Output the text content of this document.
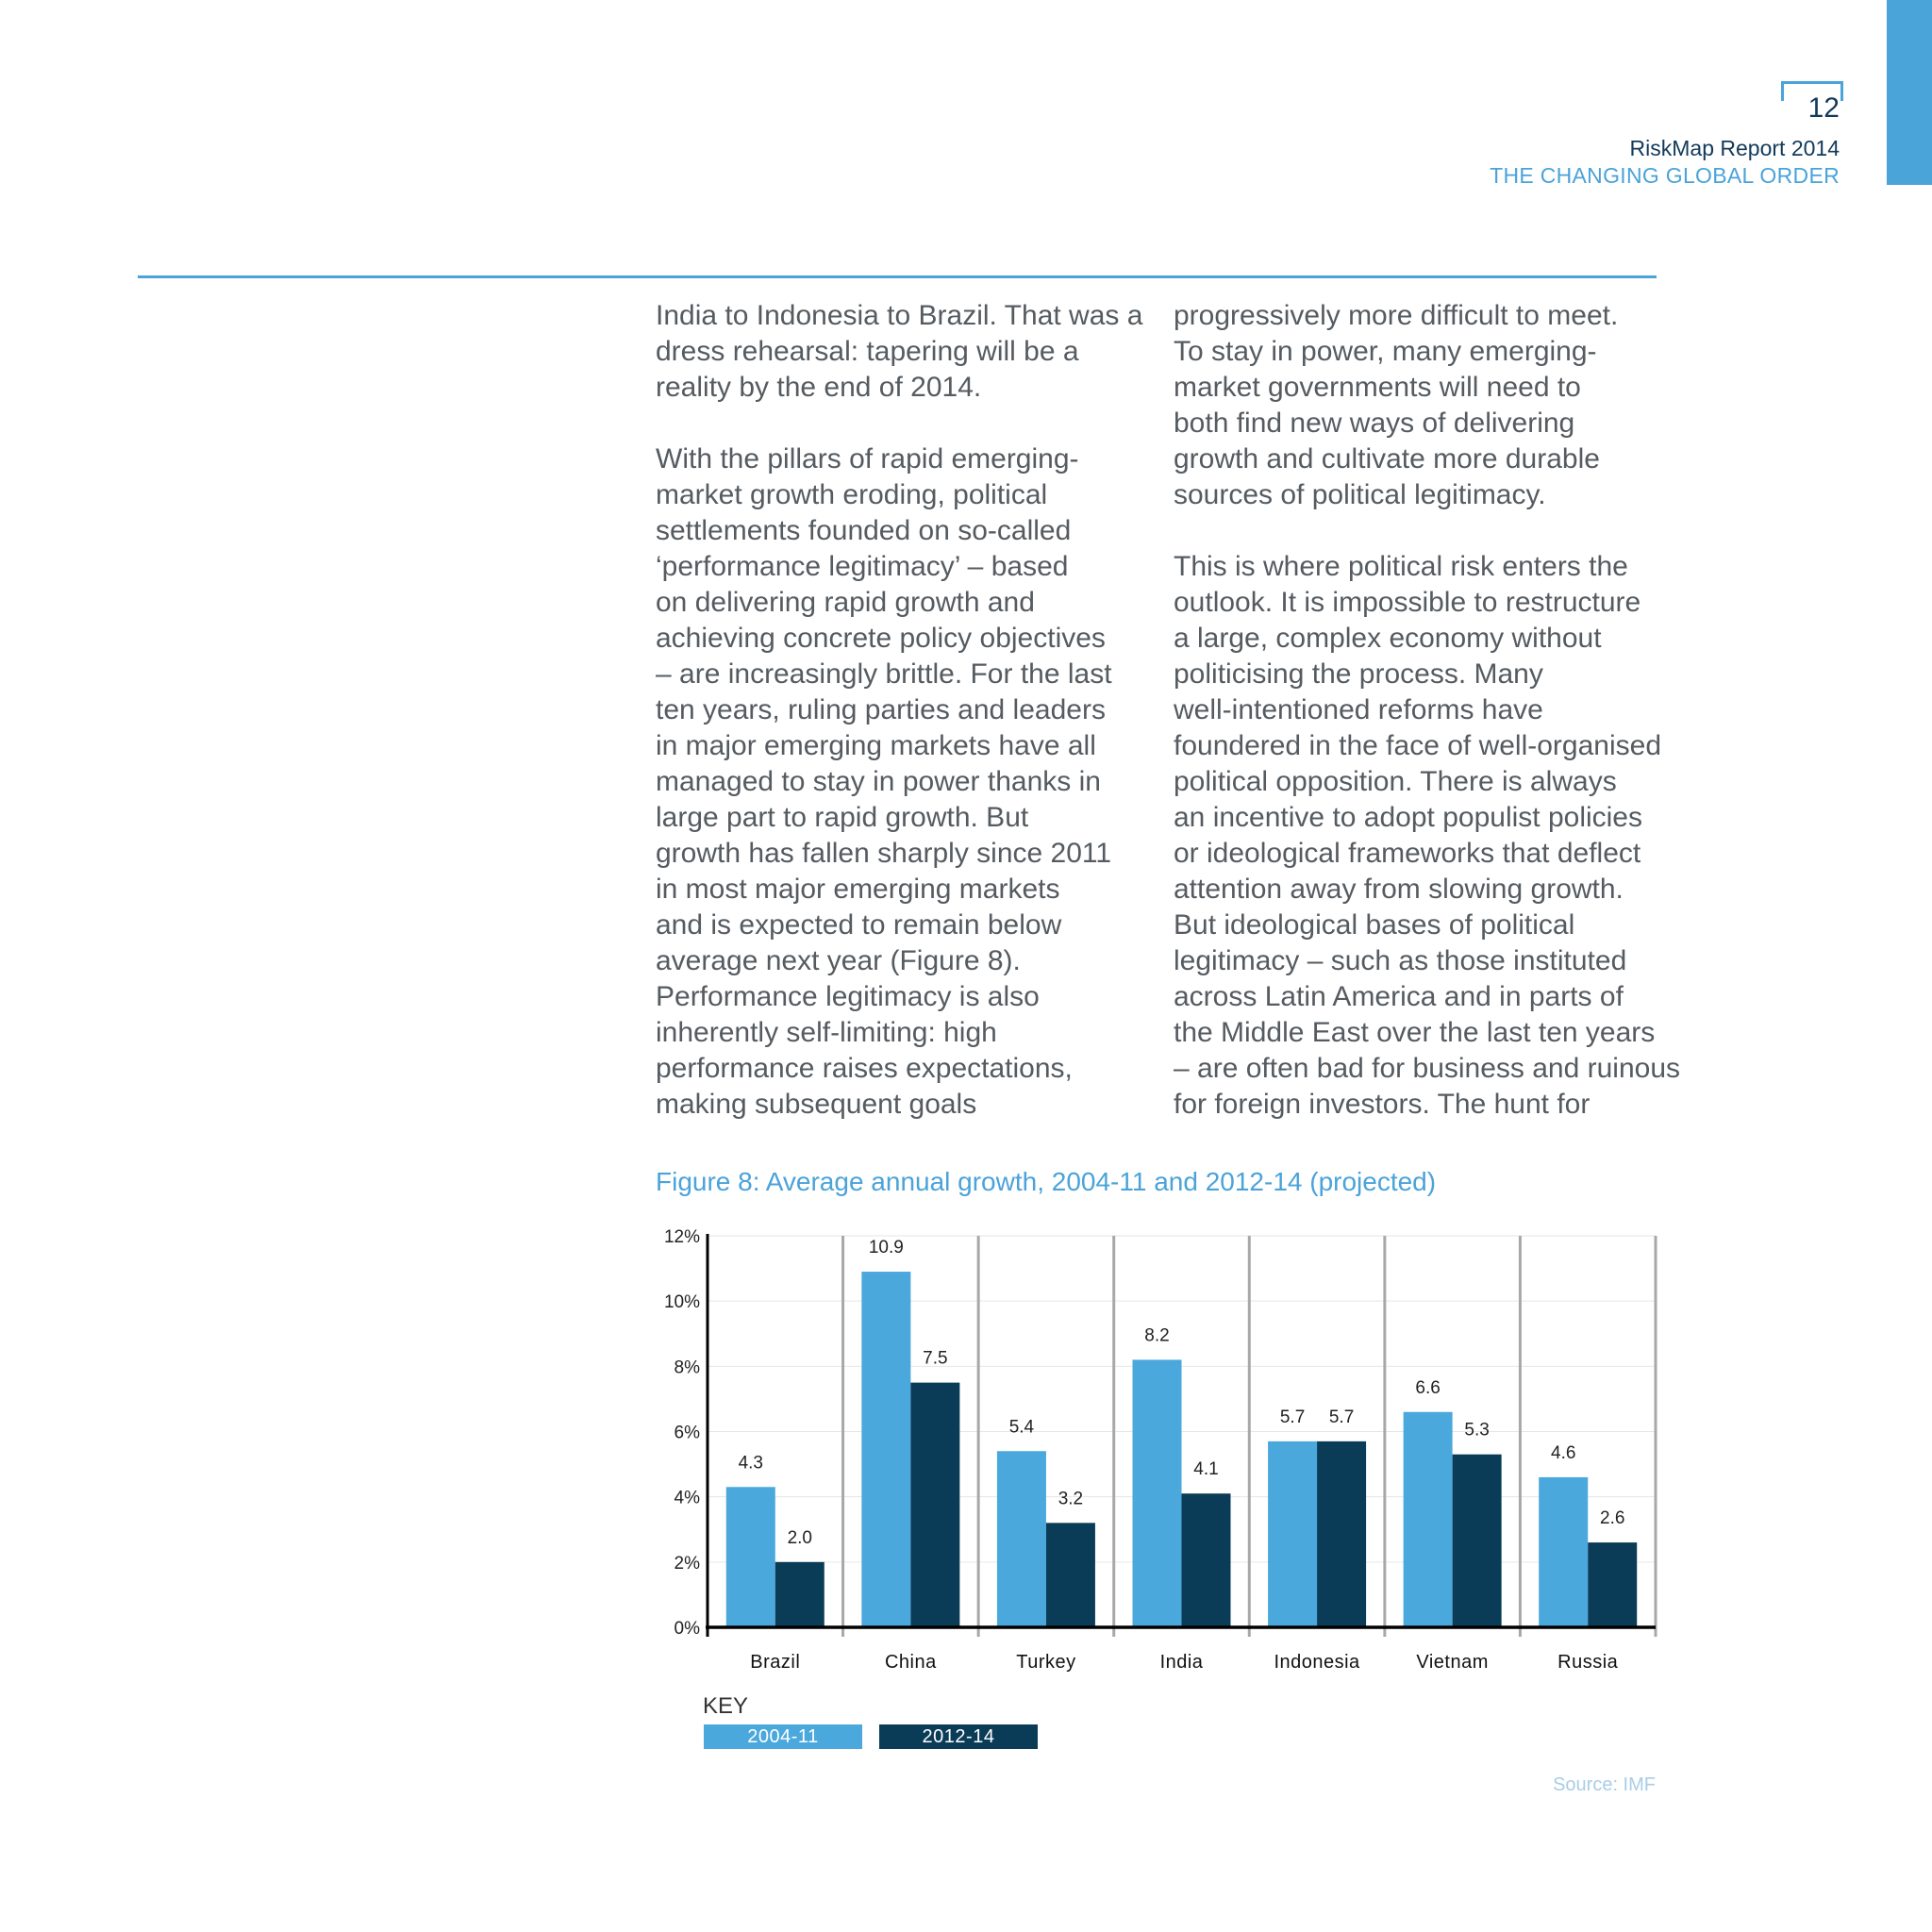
12
RiskMap Report 2014
THE CHANGING GLOBAL ORDER

India to Indonesia to Brazil. That was a
dress rehearsal: tapering will be a
reality by the end of 2014.

With the pillars of rapid emerging-
market growth eroding, political
settlements founded on so-called
‘performance legitimacy’ – based
on delivering rapid growth and
achieving concrete policy objectives
– are increasingly brittle. For the last
ten years, ruling parties and leaders
in major emerging markets have all
managed to stay in power thanks in
large part to rapid growth. But
growth has fallen sharply since 2011
in most major emerging markets
and is expected to remain below
average next year (Figure 8).
Performance legitimacy is also
inherently self-limiting: high
performance raises expectations,
making subsequent goals

progressively more difficult to meet.
To stay in power, many emerging-
market governments will need to
both find new ways of delivering
growth and cultivate more durable
sources of political legitimacy.

This is where political risk enters the
outlook. It is impossible to restructure
a large, complex economy without
politicising the process. Many
well-intentioned reforms have
foundered in the face of well-organised
political opposition. There is always
an incentive to adopt populist policies
or ideological frameworks that deflect
attention away from slowing growth.
But ideological bases of political
legitimacy – such as those instituted
across Latin America and in parts of
the Middle East over the last ten years
– are often bad for business and ruinous
for foreign investors. The hunt for

Figure 8: Average annual growth, 2004-11 and 2012-14 (projected)
0%
2%
4%
6%
8%
10%
12%
4.3
2.0
Brazil
10.9
7.5
China
5.4
3.2
Turkey
8.2
4.1
India
5.7 5.7
Indonesia
6.6
5.3
Vietnam
4.6
2.6
Russia
KEY
2004-11	2012-14
Source: IMF
